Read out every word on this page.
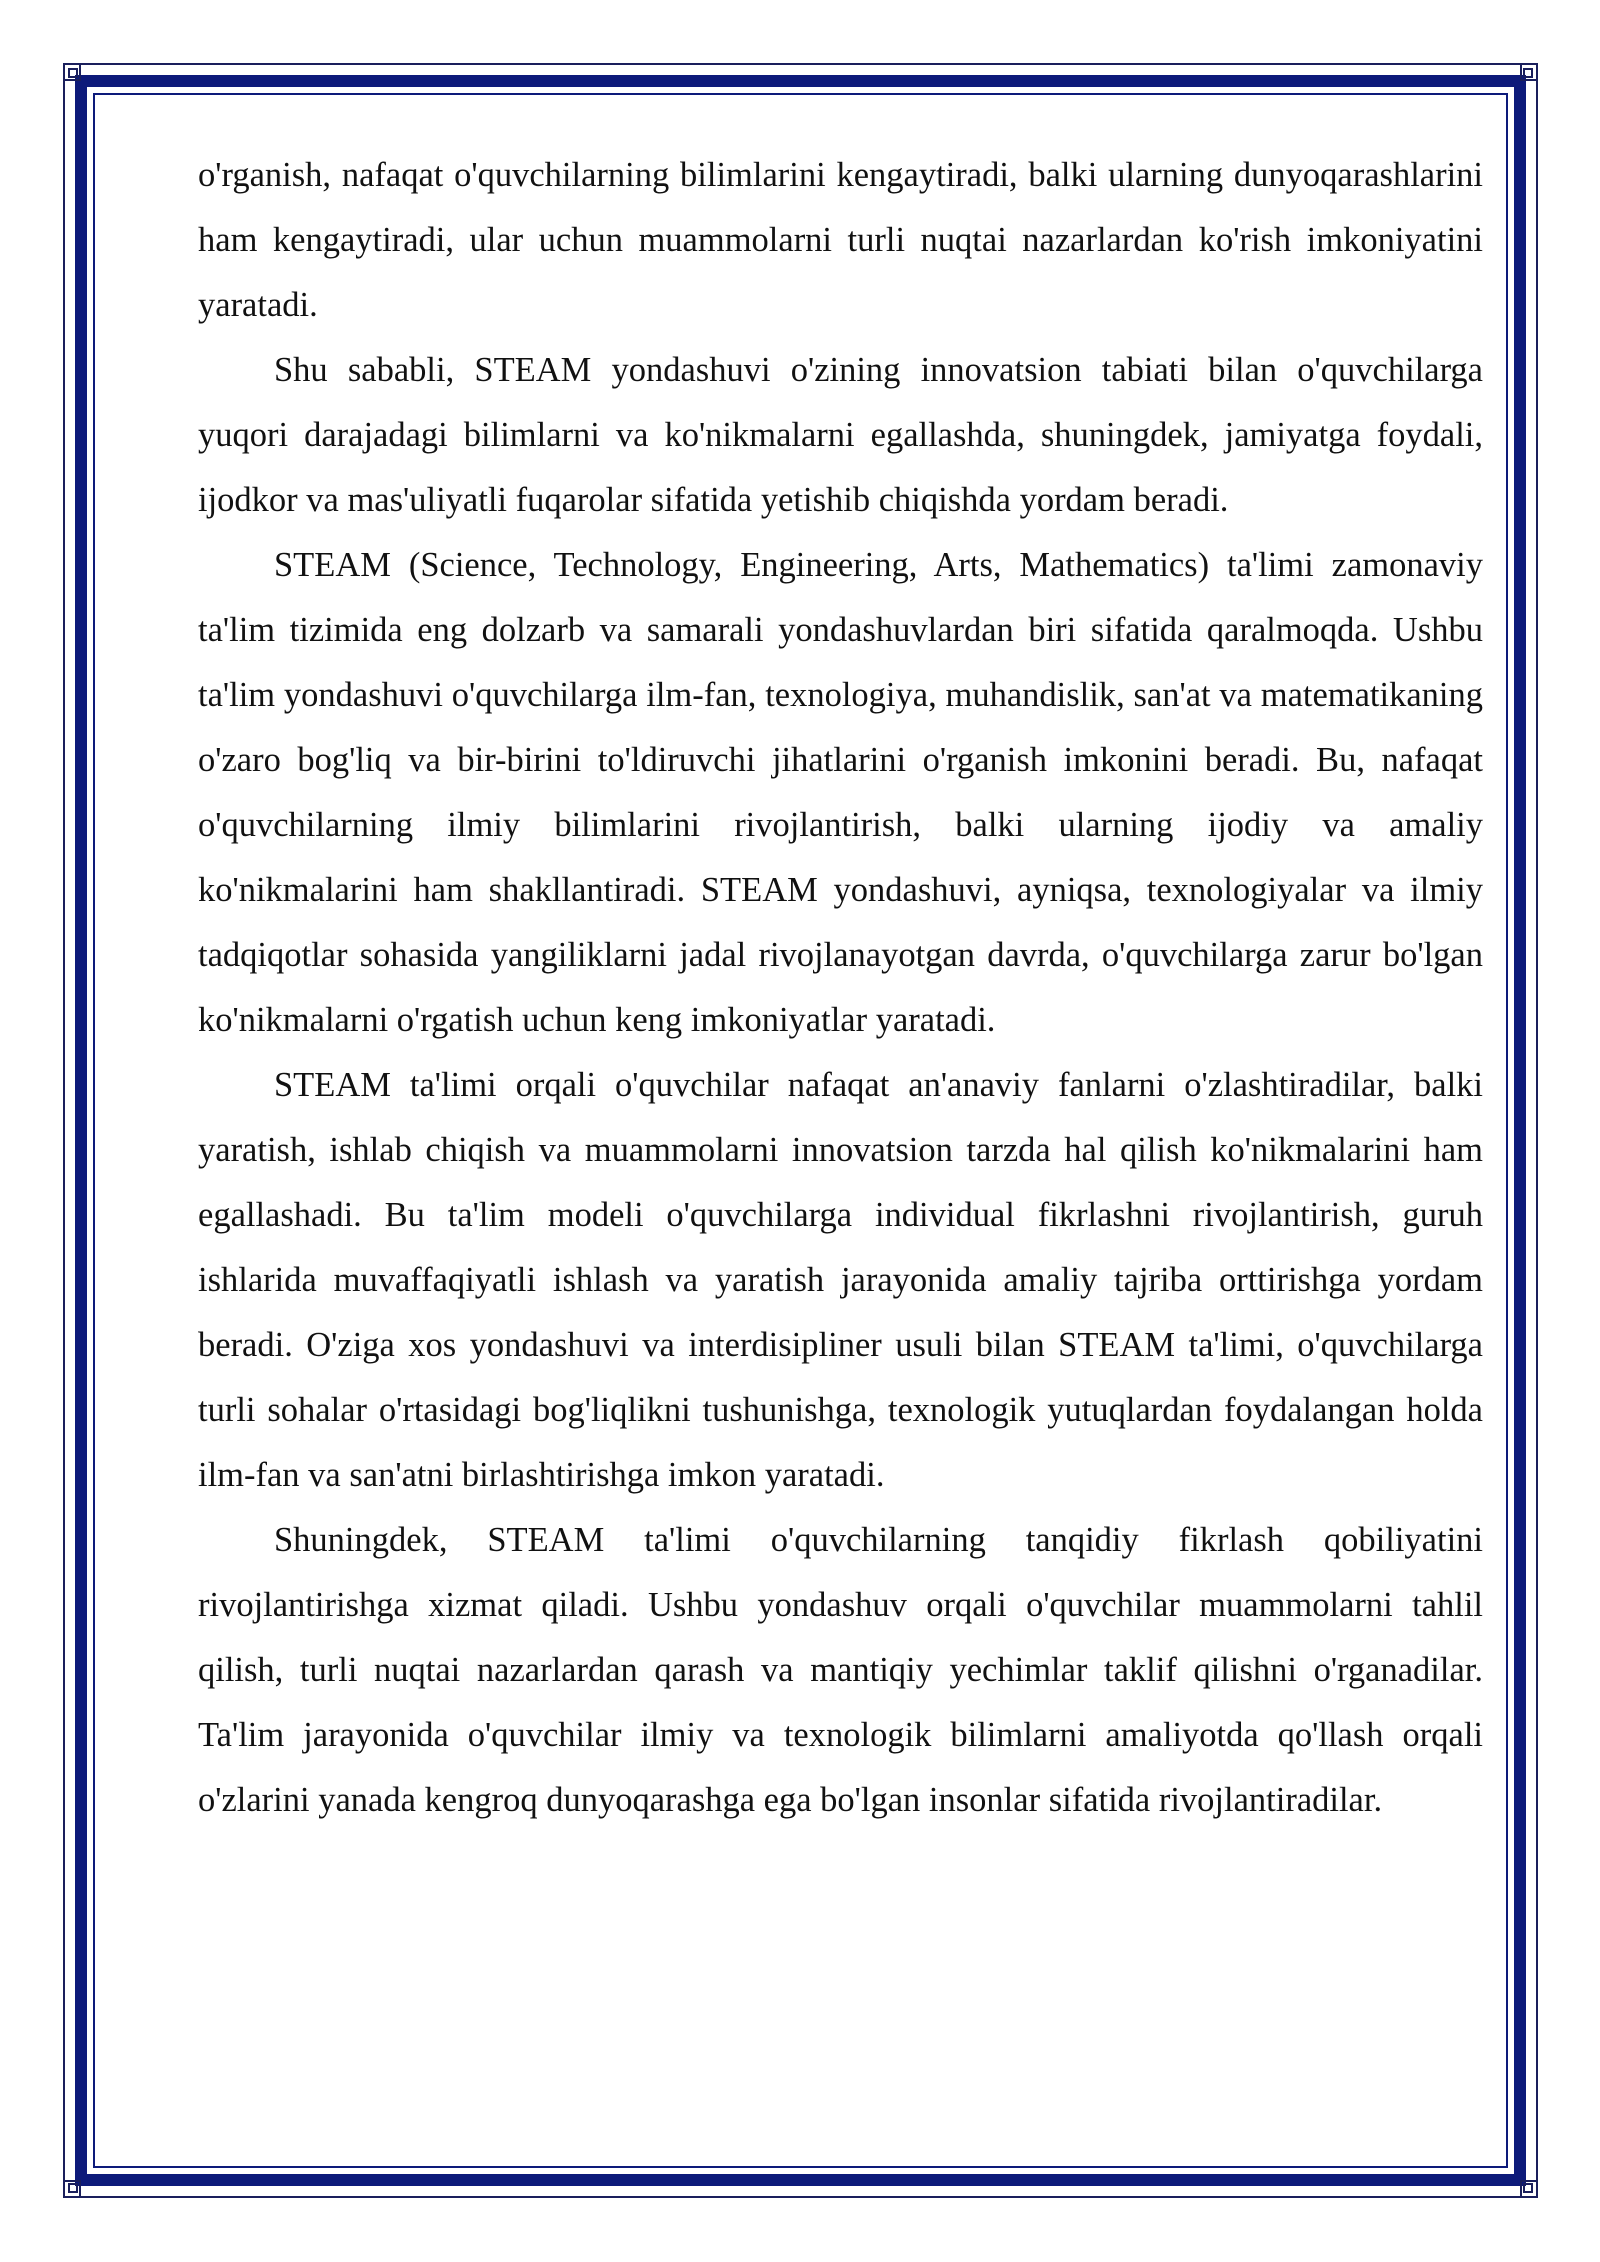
o'rganish, nafaqat o'quvchilarning bilimlarini kengaytiradi, balki ularning dunyoqarashlarini ham kengaytiradi, ular uchun muammolarni turli nuqtai nazarlardan ko'rish imkoniyatini yaratadi.

Shu sababli, STEAM yondashuvi o'zining innovatsion tabiati bilan o'quvchilarga yuqori darajadagi bilimlarni va ko'nikmalarni egallashda, shuningdek, jamiyatga foydali, ijodkor va mas'uliyatli fuqarolar sifatida yetishib chiqishda yordam beradi.

STEAM (Science, Technology, Engineering, Arts, Mathematics) ta'limi zamonaviy ta'lim tizimida eng dolzarb va samarali yondashuvlardan biri sifatida qaralmoqda. Ushbu ta'lim yondashuvi o'quvchilarga ilm-fan, texnologiya, muhandislik, san'at va matematikaning o'zaro bog'liq va bir-birini to'ldiruvchi jihatlarini o'rganish imkonini beradi. Bu, nafaqat o'quvchilarning ilmiy bilimlarini rivojlantirish, balki ularning ijodiy va amaliy ko'nikmalarini ham shakllantiradi. STEAM yondashuvi, ayniqsa, texnologiyalar va ilmiy tadqiqotlar sohasida yangiliklarni jadal rivojlanayotgan davrda, o'quvchilarga zarur bo'lgan ko'nikmalarni o'rgatish uchun keng imkoniyatlar yaratadi.

STEAM ta'limi orqali o'quvchilar nafaqat an'anaviy fanlarni o'zlashtiradilar, balki yaratish, ishlab chiqish va muammolarni innovatsion tarzda hal qilish ko'nikmalarini ham egallashadi. Bu ta'lim modeli o'quvchilarga individual fikrlashni rivojlantirish, guruh ishlarida muvaffaqiyatli ishlash va yaratish jarayonida amaliy tajriba orttirishga yordam beradi. O'ziga xos yondashuvi va interdisipliner usuli bilan STEAM ta'limi, o'quvchilarga turli sohalar o'rtasidagi bog'liqlikni tushunishga, texnologik yutuqlardan foydalangan holda ilm-fan va san'atni birlashtirishga imkon yaratadi.

Shuningdek, STEAM ta'limi o'quvchilarning tanqidiy fikrlash qobiliyatini rivojlantirishga xizmat qiladi. Ushbu yondashuv orqali o'quvchilar muammolarni tahlil qilish, turli nuqtai nazarlardan qarash va mantiqiy yechimlar taklif qilishni o'rganadilar. Ta'lim jarayonida o'quvchilar ilmiy va texnologik bilimlarni amaliyotda qo'llash orqali o'zlarini yanada kengroq dunyoqarashga ega bo'lgan insonlar sifatida rivojlantiradilar.
